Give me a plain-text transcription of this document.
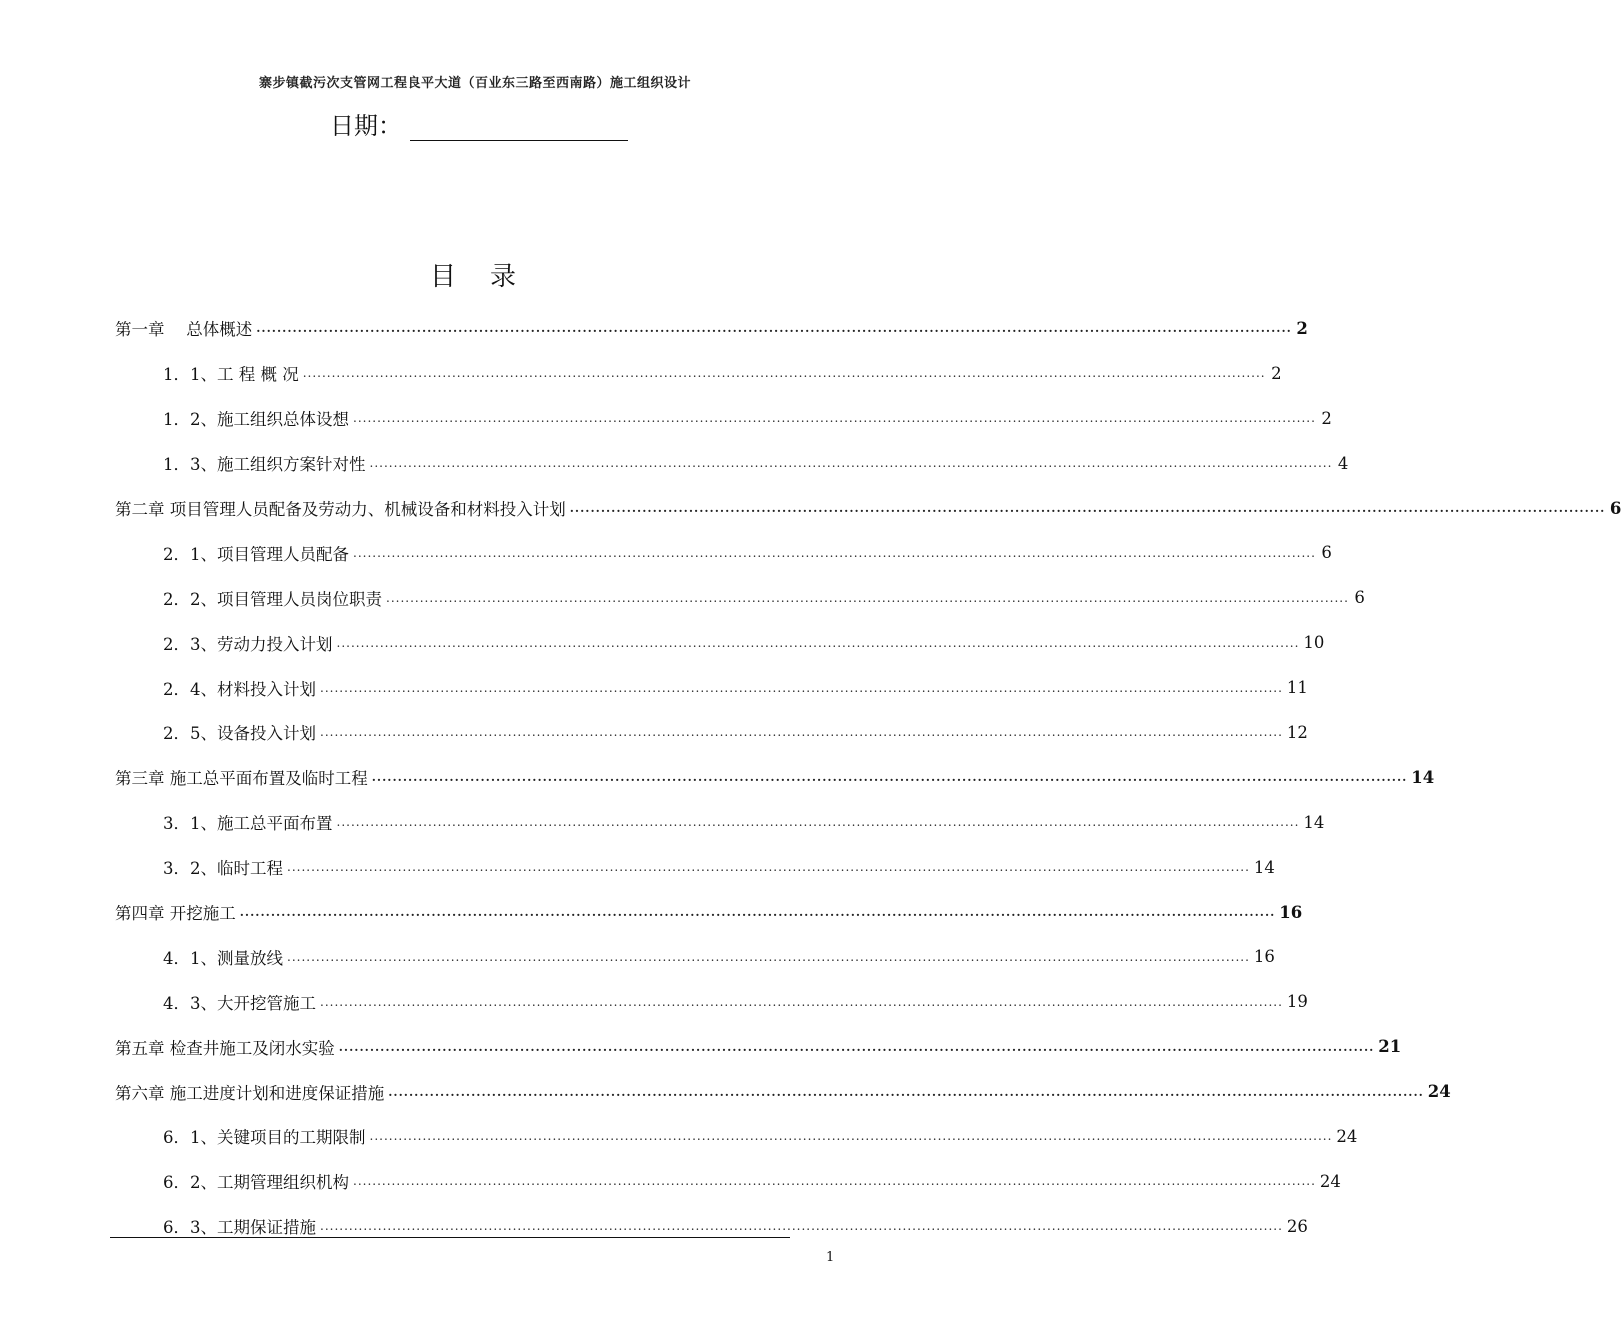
寨步镇截污次支管网工程良平大道（百业东三路至西南路）施工组织设计
日期：
目　录
第一章　 总体概述 ........................................................................................................................................................................................................ 2
1．1、工 程 概 况 ........................................................................................................................................................................................................ 2
1．2、施工组织总体设想 ........................................................................................................................................................................................................ 2
1．3、施工组织方案针对性 ........................................................................................................................................................................................................ 4
第二章 项目管理人员配备及劳动力、机械设备和材料投入计划 ........................................................................................................................................................................................................ 6
2．1、项目管理人员配备 ........................................................................................................................................................................................................ 6
2．2、项目管理人员岗位职责 ........................................................................................................................................................................................................ 6
2．3、劳动力投入计划 ........................................................................................................................................................................................................ 10
2．4、材料投入计划 ........................................................................................................................................................................................................ 11
2．5、设备投入计划 ........................................................................................................................................................................................................ 12
第三章 施工总平面布置及临时工程 ........................................................................................................................................................................................................ 14
3．1、施工总平面布置 ........................................................................................................................................................................................................ 14
3．2、临时工程 ........................................................................................................................................................................................................ 14
第四章 开挖施工 ........................................................................................................................................................................................................ 16
4．1、测量放线 ........................................................................................................................................................................................................ 16
4．3、大开挖管施工 ........................................................................................................................................................................................................ 19
第五章 检查井施工及闭水实验 ........................................................................................................................................................................................................ 21
第六章 施工进度计划和进度保证措施 ........................................................................................................................................................................................................ 24
6．1、关键项目的工期限制 ........................................................................................................................................................................................................ 24
6．2、工期管理组织机构 ........................................................................................................................................................................................................ 24
6．3、工期保证措施 ........................................................................................................................................................................................................ 26
1
